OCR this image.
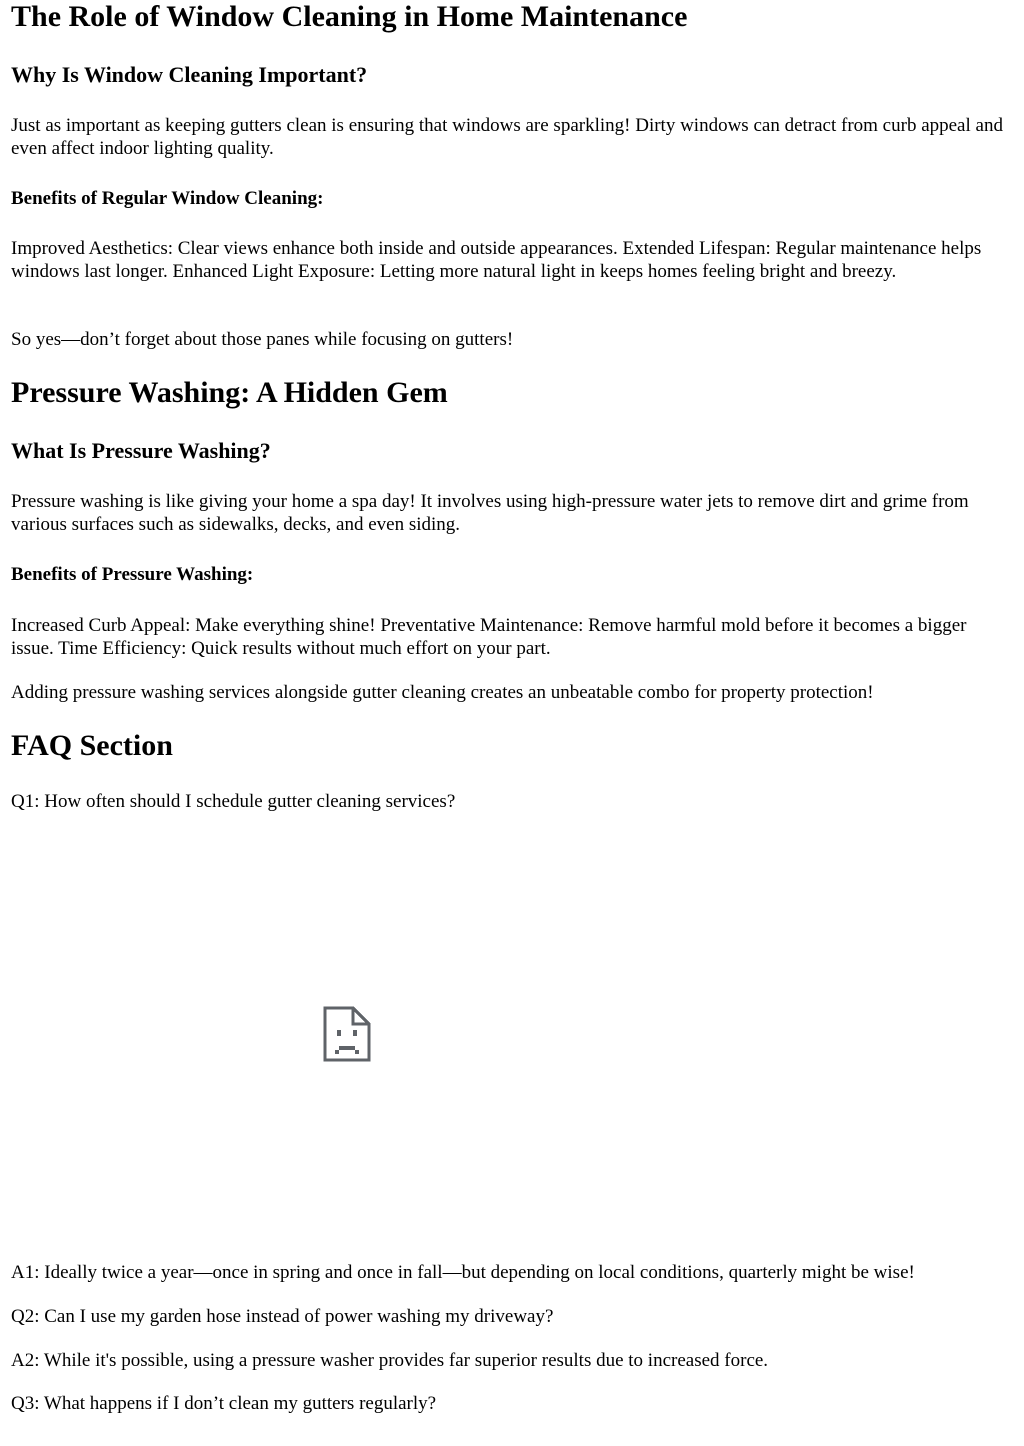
The Role of Window Cleaning in Home Maintenance
Why Is Window Cleaning Important?

Just as important as keeping gutters clean is ensuring that windows are sparkling! Dirty windows can detract from curb appeal and even affect indoor lighting quality.

Benefits of Regular Window Cleaning:

Improved Aesthetics: Clear views enhance both inside and outside appearances. Extended Lifespan: Regular maintenance helps windows last longer. Enhanced Light Exposure: Letting more natural light in keeps homes feeling bright and breezy.

So yes—don’t forget about those panes while focusing on gutters!

Pressure Washing: A Hidden Gem
What Is Pressure Washing?

Pressure washing is like giving your home a spa day! It involves using high-pressure water jets to remove dirt and grime from various surfaces such as sidewalks, decks, and even siding.

Benefits of Pressure Washing:

Increased Curb Appeal: Make everything shine! Preventative Maintenance: Remove harmful mold before it becomes a bigger issue. Time Efficiency: Quick results without much effort on your part.

Adding pressure washing services alongside gutter cleaning creates an unbeatable combo for property protection!

FAQ Section

Q1: How often should I schedule gutter cleaning services?

A1: Ideally twice a year—once in spring and once in fall—but depending on local conditions, quarterly might be wise!

Q2: Can I use my garden hose instead of power washing my driveway?

A2: While it's possible, using a pressure washer provides far superior results due to increased force.

Q3: What happens if I don’t clean my gutters regularly?
